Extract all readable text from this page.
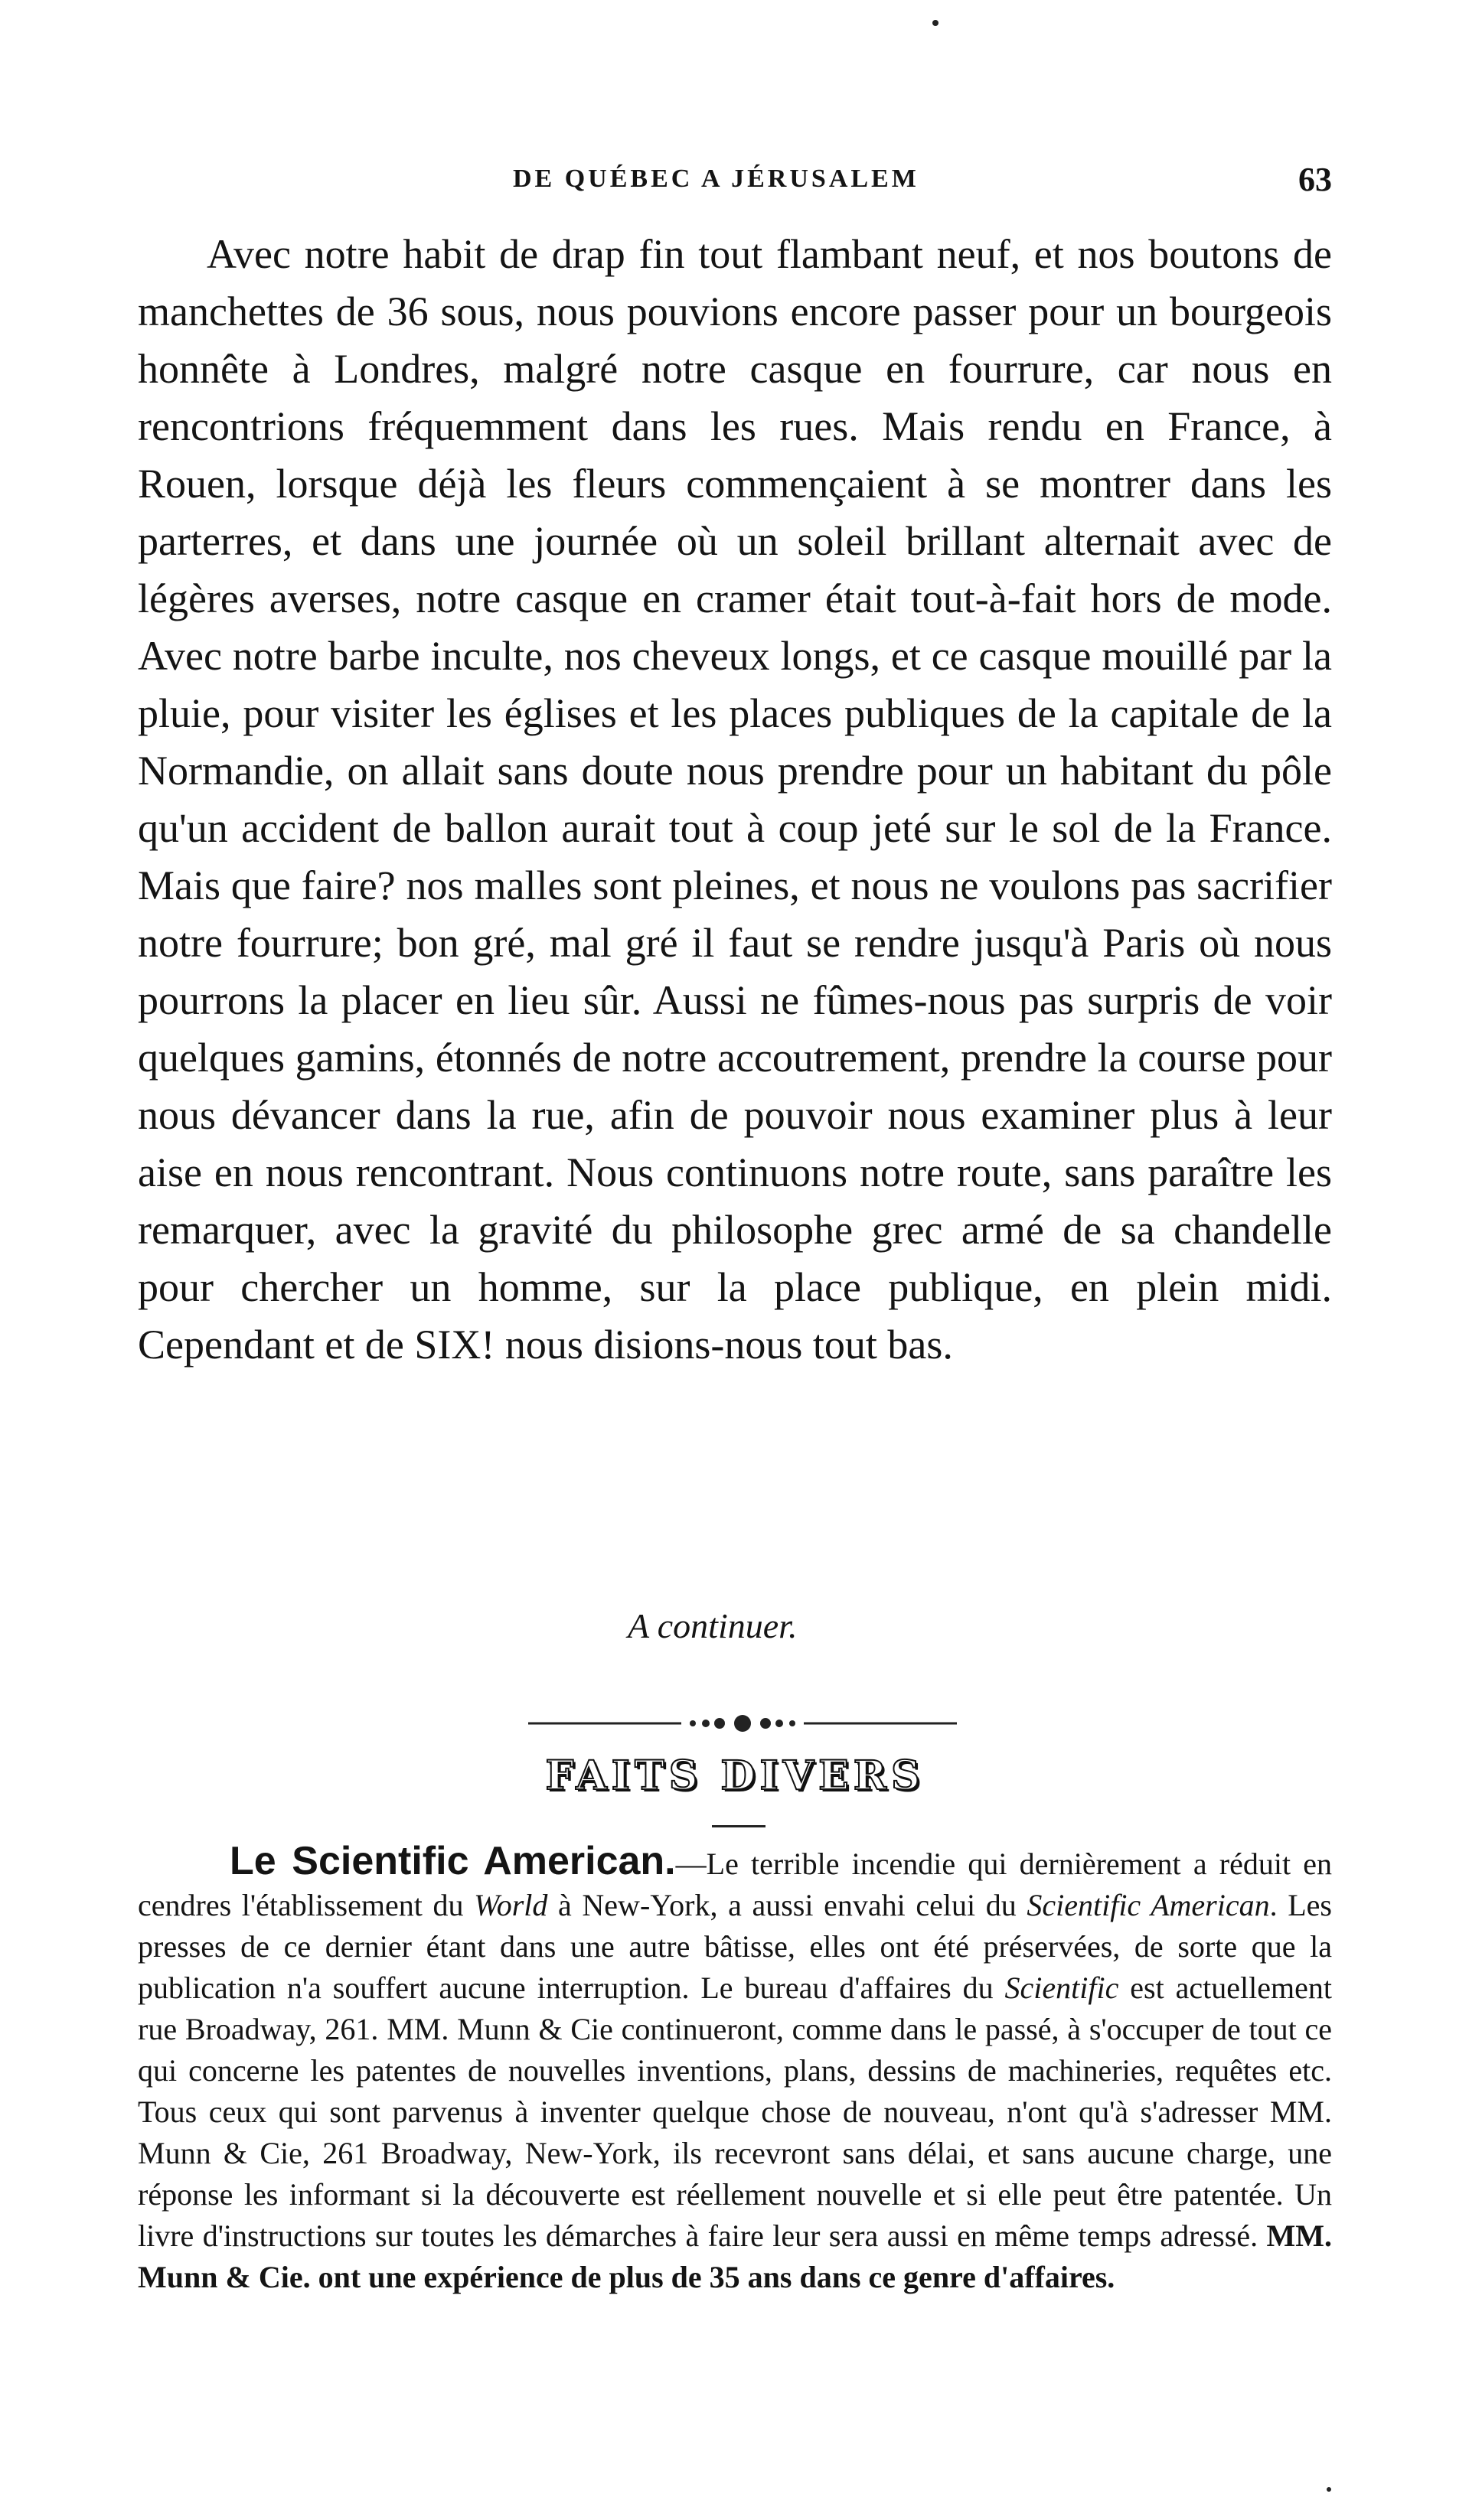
DE QUÉBEC A JÉRUSALEM	63

Avec notre habit de drap fin tout flambant neuf, et nos boutons de manchettes de 36 sous, nous pouvions encore passer pour un bourgeois honnête à Londres, malgré notre casque en fourrure, car nous en rencontrions fréquemment dans les rues. Mais rendu en France, à Rouen, lorsque déjà les fleurs commençaient à se montrer dans les parterres, et dans une journée où un soleil brillant alternait avec de légères averses, notre casque en cramer était tout-à-fait hors de mode. Avec notre barbe inculte, nos cheveux longs, et ce casque mouillé par la pluie, pour visiter les églises et les places publiques de la capitale de la Normandie, on allait sans doute nous prendre pour un habitant du pôle qu'un accident de ballon aurait tout à coup jeté sur le sol de la France. Mais que faire? nos malles sont pleines, et nous ne voulons pas sacrifier notre fourrure; bon gré, mal gré il faut se rendre jusqu'à Paris où nous pourrons la placer en lieu sûr. Aussi ne fûmes-nous pas surpris de voir quelques gamins, étonnés de notre accoutrement, prendre la course pour nous dévancer dans la rue, afin de pouvoir nous examiner plus à leur aise en nous rencontrant. Nous continuons notre route, sans paraître les remarquer, avec la gravité du philosophe grec armé de sa chandelle pour chercher un homme, sur la place publique, en plein midi. Cependant et de SIX! nous disions-nous tout bas.

A continuer.
FAITS DIVERS

Le Scientific American.—Le terrible incendie qui dernièrement a réduit en cendres l'établissement du World à New-York, a aussi envahi celui du Scientific American. Les presses de ce dernier étant dans une autre bâtisse, elles ont été préservées, de sorte que la publication n'a souffert aucune interruption. Le bureau d'affaires du Scientific est actuellement rue Broadway, 261. MM. Munn & Cie continueront, comme dans le passé, à s'occuper de tout ce qui concerne les patentes de nouvelles inventions, plans, dessins de machineries, requêtes etc. Tous ceux qui sont parvenus à inventer quelque chose de nouveau, n'ont qu'à s'adresser MM. Munn & Cie, 261 Broadway, New-York, ils recevront sans délai, et sans aucune charge, une réponse les informant si la découverte est réellement nouvelle et si elle peut être patentée. Un livre d'instructions sur toutes les démarches à faire leur sera aussi en même temps adressé. MM. Munn & Cie. ont une expérience de plus de 35 ans dans ce genre d'affaires.
